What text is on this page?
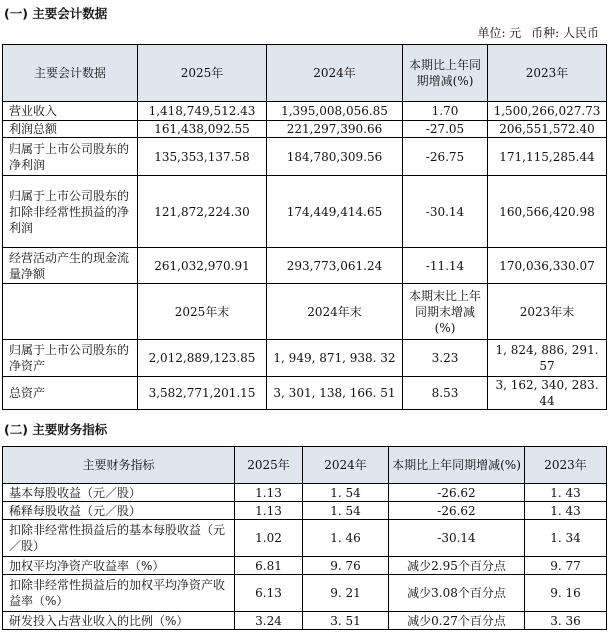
(一) 主要会计数据
单位: 元 币种: 人民币
主要会计数据	2025年	2024年	本期比上年同期增减(%)	2023年
营业收入	1,418,749,512.43	1,395,008,056.85	1.70	1,500,266,027.73
利润总额	161,438,092.55	221,297,390.66	-27.05	206,551,572.40
归属于上市公司股东的净利润	135,353,137.58	184,780,309.56	-26.75	171,115,285.44
归属于上市公司股东的扣除非经常性损益的净利润	121,872,224.30	174,449,414.65	-30.14	160,566,420.98
经营活动产生的现金流量净额	261,032,970.91	293,773,061.24	-11.14	170,036,330.07
	2025年末	2024年末	本期末比上年同期末增减(%)	2023年末
归属于上市公司股东的净资产	2,012,889,123.85	1, 949, 871, 938. 32	3.23	1, 824, 886, 291. 57
总资产	3,582,771,201.15	3, 301, 138, 166. 51	8.53	3, 162, 340, 283. 44
(二) 主要财务指标
主要财务指标	2025年	2024年	本期比上年同期增减(%)	2023年
基本每股收益（元／股）	1.13	1. 54	-26.62	1. 43
稀释每股收益（元／股）	1.13	1. 54	-26.62	1. 43
扣除非经常性损益后的基本每股收益（元／股）	1.02	1. 46	-30.14	1. 34
加权平均净资产收益率（%）	6.81	9. 76	减少2.95个百分点	9. 77
扣除非经常性损益后的加权平均净资产收益率（%）	6.13	9. 21	减少3.08个百分点	9. 16
研发投入占营业收入的比例（%）	3.24	3. 51	减少0.27个百分点	3. 36
